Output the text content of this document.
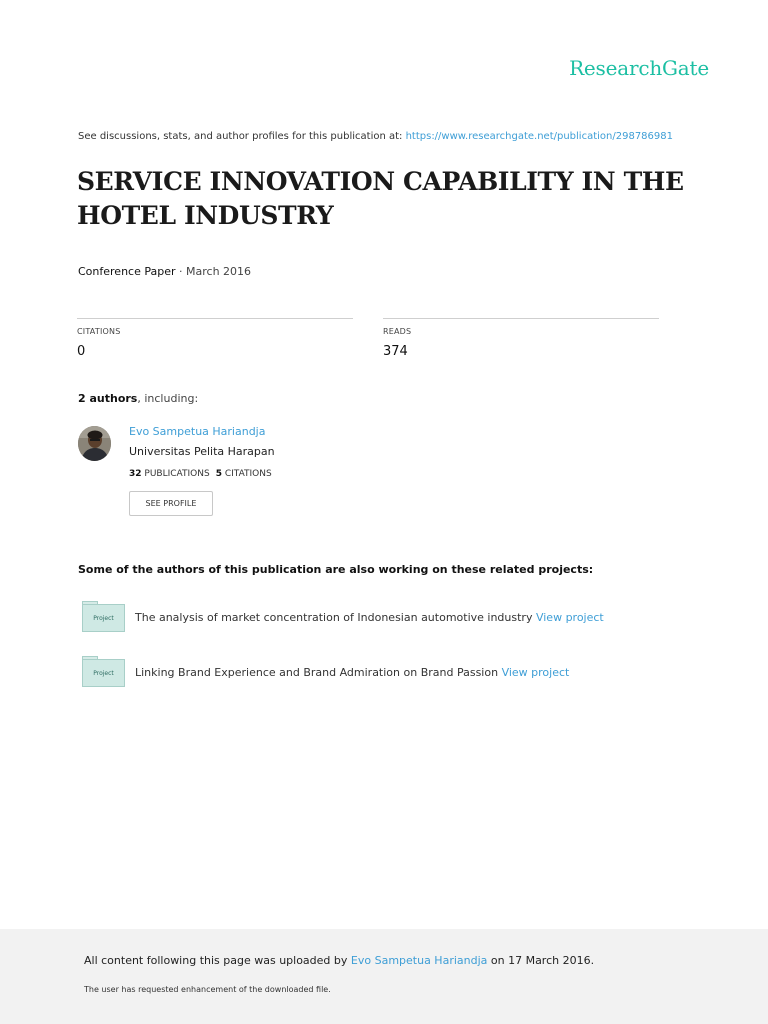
ResearchGate
See discussions, stats, and author profiles for this publication at: https://www.researchgate.net/publication/298786981
SERVICE INNOVATION CAPABILITY IN THE
HOTEL INDUSTRY
Conference Paper · March 2016
CITATIONS
0
READS
374
2 authors, including:
Evo Sampetua Hariandja
Universitas Pelita Harapan
32 PUBLICATIONS 5 CITATIONS
SEE PROFILE
Some of the authors of this publication are also working on these related projects:
Project	The analysis of market concentration of Indonesian automotive industry View project
Project	Linking Brand Experience and Brand Admiration on Brand Passion View project
All content following this page was uploaded by Evo Sampetua Hariandja on 17 March 2016.
The user has requested enhancement of the downloaded file.
